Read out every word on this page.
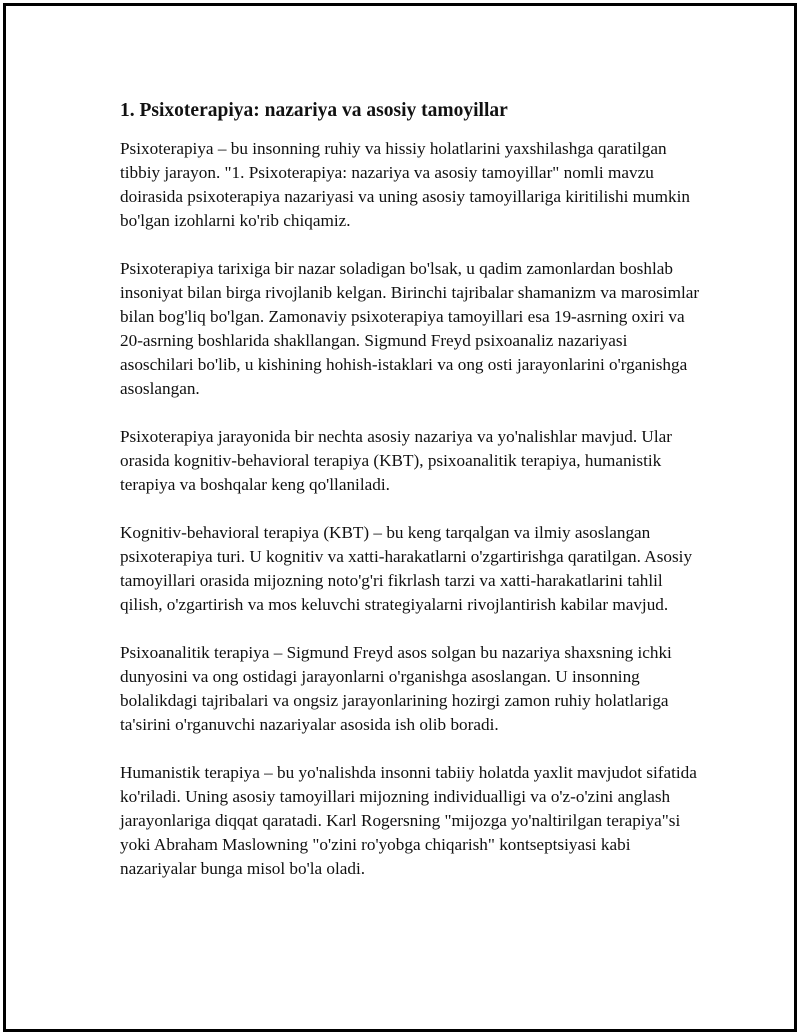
1. Psixoterapiya: nazariya va asosiy tamoyillar

Psixoterapiya – bu insonning ruhiy va hissiy holatlarini yaxshilashga qaratilgan tibbiy jarayon. "1. Psixoterapiya: nazariya va asosiy tamoyillar" nomli mavzu doirasida psixoterapiya nazariyasi va uning asosiy tamoyillariga kiritilishi mumkin bo'lgan izohlarni ko'rib chiqamiz.

Psixoterapiya tarixiga bir nazar soladigan bo'lsak, u qadim zamonlardan boshlab insoniyat bilan birga rivojlanib kelgan. Birinchi tajribalar shamanizm va marosimlar bilan bog'liq bo'lgan. Zamonaviy psixoterapiya tamoyillari esa 19-asrning oxiri va 20-asrning boshlarida shakllangan. Sigmund Freyd psixoanaliz nazariyasi asoschilari bo'lib, u kishining hohish-istaklari va ong osti jarayonlarini o'rganishga asoslangan.

Psixoterapiya jarayonida bir nechta asosiy nazariya va yo'nalishlar mavjud. Ular orasida kognitiv-behavioral terapiya (KBT), psixoanalitik terapiya, humanistik terapiya va boshqalar keng qo'llaniladi.

Kognitiv-behavioral terapiya (KBT) – bu keng tarqalgan va ilmiy asoslangan psixoterapiya turi. U kognitiv va xatti-harakatlarni o'zgartirishga qaratilgan. Asosiy tamoyillari orasida mijozning noto'g'ri fikrlash tarzi va xatti-harakatlarini tahlil qilish, o'zgartirish va mos keluvchi strategiyalarni rivojlantirish kabilar mavjud.

Psixoanalitik terapiya – Sigmund Freyd asos solgan bu nazariya shaxsning ichki dunyosini va ong ostidagi jarayonlarni o'rganishga asoslangan. U insonning bolalikdagi tajribalari va ongsiz jarayonlarining hozirgi zamon ruhiy holatlariga ta'sirini o'rganuvchi nazariyalar asosida ish olib boradi.

Humanistik terapiya – bu yo'nalishda insonni tabiiy holatda yaxlit mavjudot sifatida ko'riladi. Uning asosiy tamoyillari mijozning individualligi va o'z-o'zini anglash jarayonlariga diqqat qaratadi. Karl Rogersning "mijozga yo'naltirilgan terapiya"si yoki Abraham Maslowning "o'zini ro'yobga chiqarish" kontseptsiyasi kabi nazariyalar bunga misol bo'la oladi.
